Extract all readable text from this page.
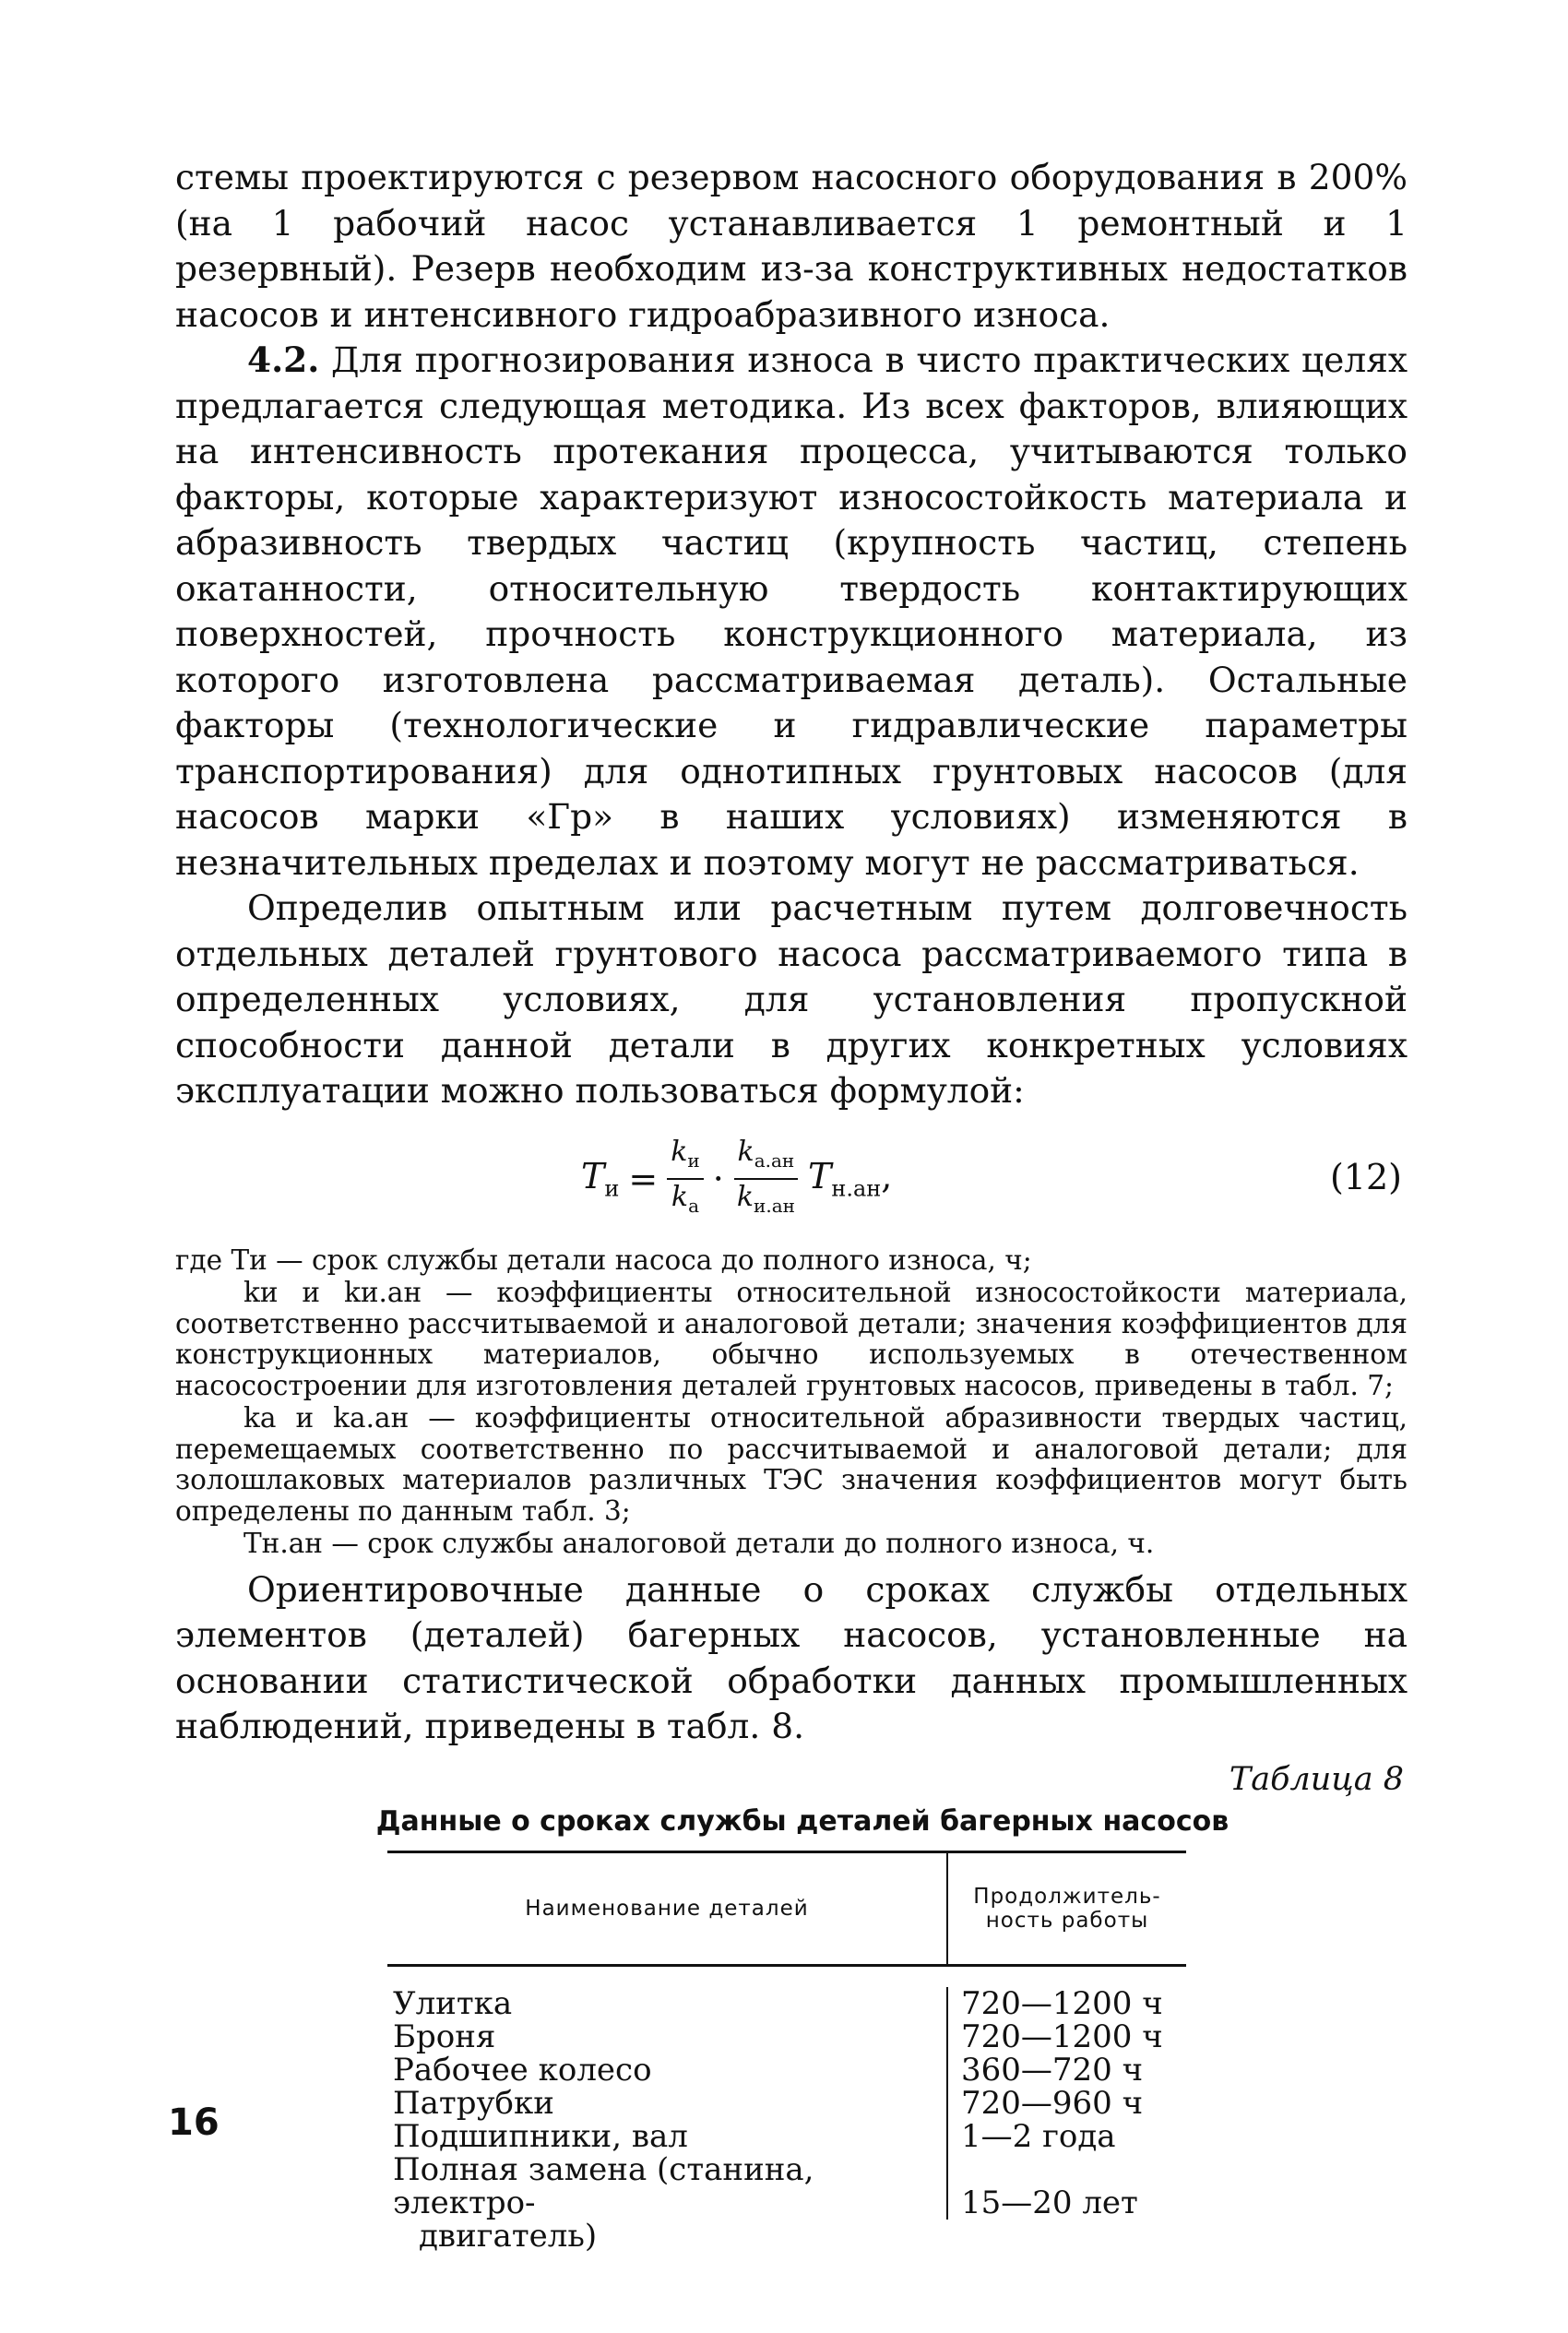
стемы проектируются с резервом насосного оборудования в 200% (на 1 рабочий насос устанавливается 1 ремонтный и 1 резервный). Резерв необходим из-за конструктивных недостатков насосов и интенсивного гидроабразивного износа.

4.2. Для прогнозирования износа в чисто практических целях предлагается следующая методика. Из всех факторов, влияющих на интенсивность протекания процесса, учитываются только факторы, которые характеризуют износостойкость материала и абразивность твердых частиц (крупность частиц, степень окатанности, относительную твердость контактирующих поверхностей, прочность конструкционного материала, из которого изготовлена рассматриваемая деталь). Остальные факторы (технологические и гидравлические параметры транспортирования) для однотипных грунтовых насосов (для насосов марки «Гр» в наших условиях) изменяются в незначительных пределах и поэтому могут не рассматриваться.

Определив опытным или расчетным путем долговечность отдельных деталей грунтового насоса рассматриваемого типа в определенных условиях, для установления пропускной способности данной детали в других конкретных условиях эксплуатации можно пользоваться формулой:

$T_и = \frac{k_и}{k_а} \cdot \frac{k_{а.ан}}{k_{и.ан}} T_{н.ан}$,	(12)

где Tи — срок службы детали насоса до полного износа, ч;

kи и kи.ан — коэффициенты относительной износостойкости материала, соответственно рассчитываемой и аналоговой детали; значения коэффициентов для конструкционных материалов, обычно используемых в отечественном насосостроении для изготовления деталей грунтовых насосов, приведены в табл. 7;

kа и kа.ан — коэффициенты относительной абразивности твердых частиц, перемещаемых соответственно по рассчитываемой и аналоговой детали; для золошлаковых материалов различных ТЭС значения коэффициентов могут быть определены по данным табл. 3;

Tн.ан — срок службы аналоговой детали до полного износа, ч.

Ориентировочные данные о сроках службы отдельных элементов (деталей) багерных насосов, установленные на основании статистической обработки данных промышленных наблюдений, приведены в табл. 8.

Таблица 8
Данные о сроках службы деталей багерных насосов
Наименование деталей	Продолжитель-
ность работы
Улитка
Броня
Рабочее колесо
Патрубки
Подшипники, вал
Полная замена (станина, электро-
двигатель)
720—1200 ч
720—1200 ч
360—720 ч
720—960 ч
1—2 года
15—20 лет
16
